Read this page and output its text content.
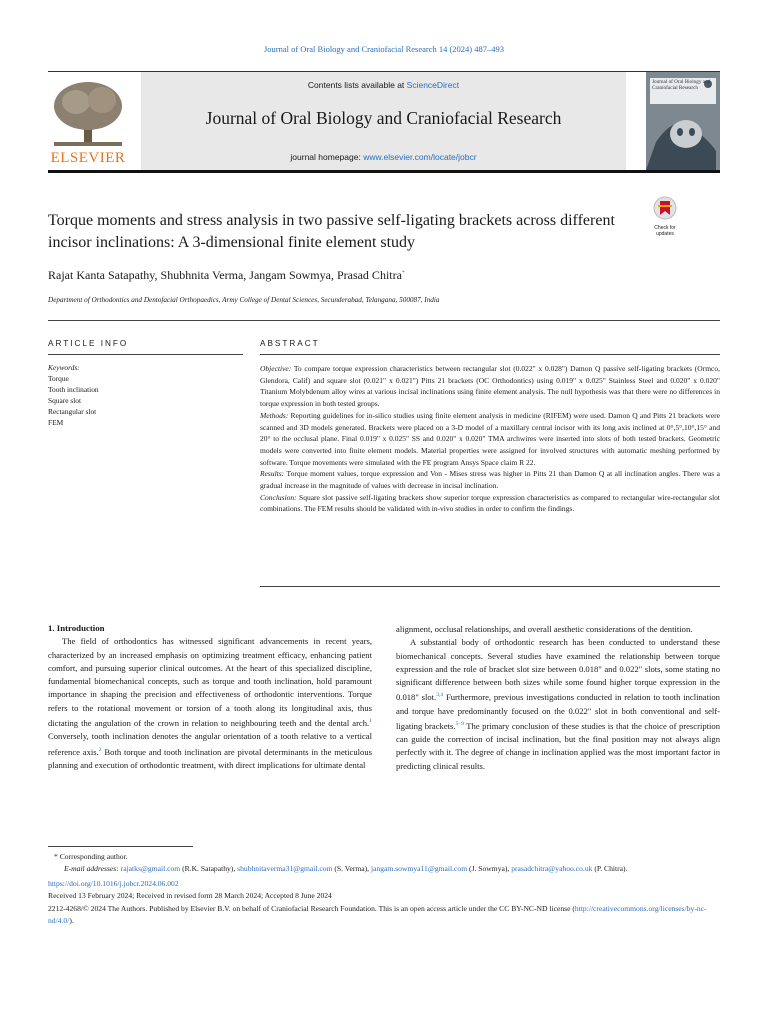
Journal of Oral Biology and Craniofacial Research 14 (2024) 487–493
ELSEVIER
Contents lists available at ScienceDirect
Journal of Oral Biology and Craniofacial Research
journal homepage: www.elsevier.com/locate/jobcr
Journal of Oral Biology and Craniofacial Research
Check for updates
Torque moments and stress analysis in two passive self-ligating brackets across different incisor inclinations: A 3-dimensional finite element study
Rajat Kanta Satapathy, Shubhnita Verma, Jangam Sowmya, Prasad Chitra*
Department of Orthodontics and Dentofacial Orthopaedics, Army College of Dental Sciences, Secunderabad, Telangana, 500087, India
ARTICLE INFO	ABSTRACT
Keywords:
Torque
Tooth inclination
Square slot
Rectangular slot
FEM

Objective: To compare torque expression characteristics between rectangular slot (0.022" x 0.028") Damon Q passive self-ligating brackets (Ormco, Glendora, Calif) and square slot (0.021" x 0.021") Pitts 21 brackets (OC Orthodontics) using 0.019" x 0.025" Stainless Steel and 0.020" x 0.020" Titanium Molybdenum alloy wires at various incisal inclinations using finite element analysis. The null hypothesis was that there were no differences in torque expression in both tested groups.

Methods: Reporting guidelines for in-silico studies using finite element analysis in medicine (RIFEM) were used. Damon Q and Pitts 21 brackets were scanned and 3D models generated. Brackets were placed on a 3-D model of a maxillary central incisor with its long axis inclined at 0°,5°,10°,15° and 20° to the occlusal plane. Final 0.019" x 0.025" SS and 0.020" x 0.020" TMA archwires were inserted into slots of both tested brackets. Geometric models were converted into finite element models. Material properties were assigned for involved structures with automatic meshing performed by software. Torque movements were simulated with the FE program Ansys Space claim R 22.

Results: Torque moment values, torque expression and Von - Mises stress was higher in Pitts 21 than Damon Q at all inclination angles. There was a gradual increase in the magnitude of values with decrease in incisal inclination.

Conclusion: Square slot passive self-ligating brackets show superior torque expression characteristics as compared to rectangular wire-rectangular slot combinations. The FEM results should be validated with in-vivo studies in order to confirm the findings.

1. Introduction

The field of orthodontics has witnessed significant advancements in recent years, characterized by an increased emphasis on optimizing treatment efficacy, enhancing patient comfort, and pursuing superior clinical outcomes. At the heart of this specialized discipline, fundamental biomechanical concepts, such as torque and tooth inclination, hold paramount importance in shaping the precision and effectiveness of orthodontic interventions. Torque refers to the rotational movement or torsion of a tooth along its longitudinal axis, thus dictating the angulation of the crown in relation to neighbouring teeth and the dental arch.$^1$ Conversely, tooth inclination denotes the angular orientation of a tooth relative to a vertical reference axis.$^2$ Both torque and tooth inclination are pivotal determinants in the meticulous planning and execution of orthodontic treatment, with direct implications for ultimate dental

alignment, occlusal relationships, and overall aesthetic considerations of the dentition.

A substantial body of orthodontic research has been conducted to understand these biomechanical concepts. Several studies have examined the relationship between torque expression and the role of bracket slot size between 0.018" and 0.022" slots, some stating no significant difference between both sizes while some found higher torque expression in the 0.018" slot.$^{3,4}$ Furthermore, previous investigations conducted in relation to tooth inclination and torque have predominantly focused on the 0.022" slot in both conventional and self-ligating brackets.$^{5-9}$ The primary conclusion of these studies is that the choice of prescription can guide the correction of incisal inclination, but the final position may not always align perfectly with it. The degree of change in inclination applied was the most important factor in predicting clinical results.

* Corresponding author.

E-mail addresses: rajatks@gmail.com (R.K. Satapathy), shubhnitaverma31@gmail.com (S. Verma), jangam.sowmya11@gmail.com (J. Sowmya), prasadchitra@yahoo.co.uk (P. Chitra).

https://doi.org/10.1016/j.jobcr.2024.06.002

Received 13 February 2024; Received in revised form 28 March 2024; Accepted 8 June 2024

2212-4268/© 2024 The Authors. Published by Elsevier B.V. on behalf of Craniofacial Research Foundation. This is an open access article under the CC BY-NC-ND license (http://creativecommons.org/licenses/by-nc-nd/4.0/).
